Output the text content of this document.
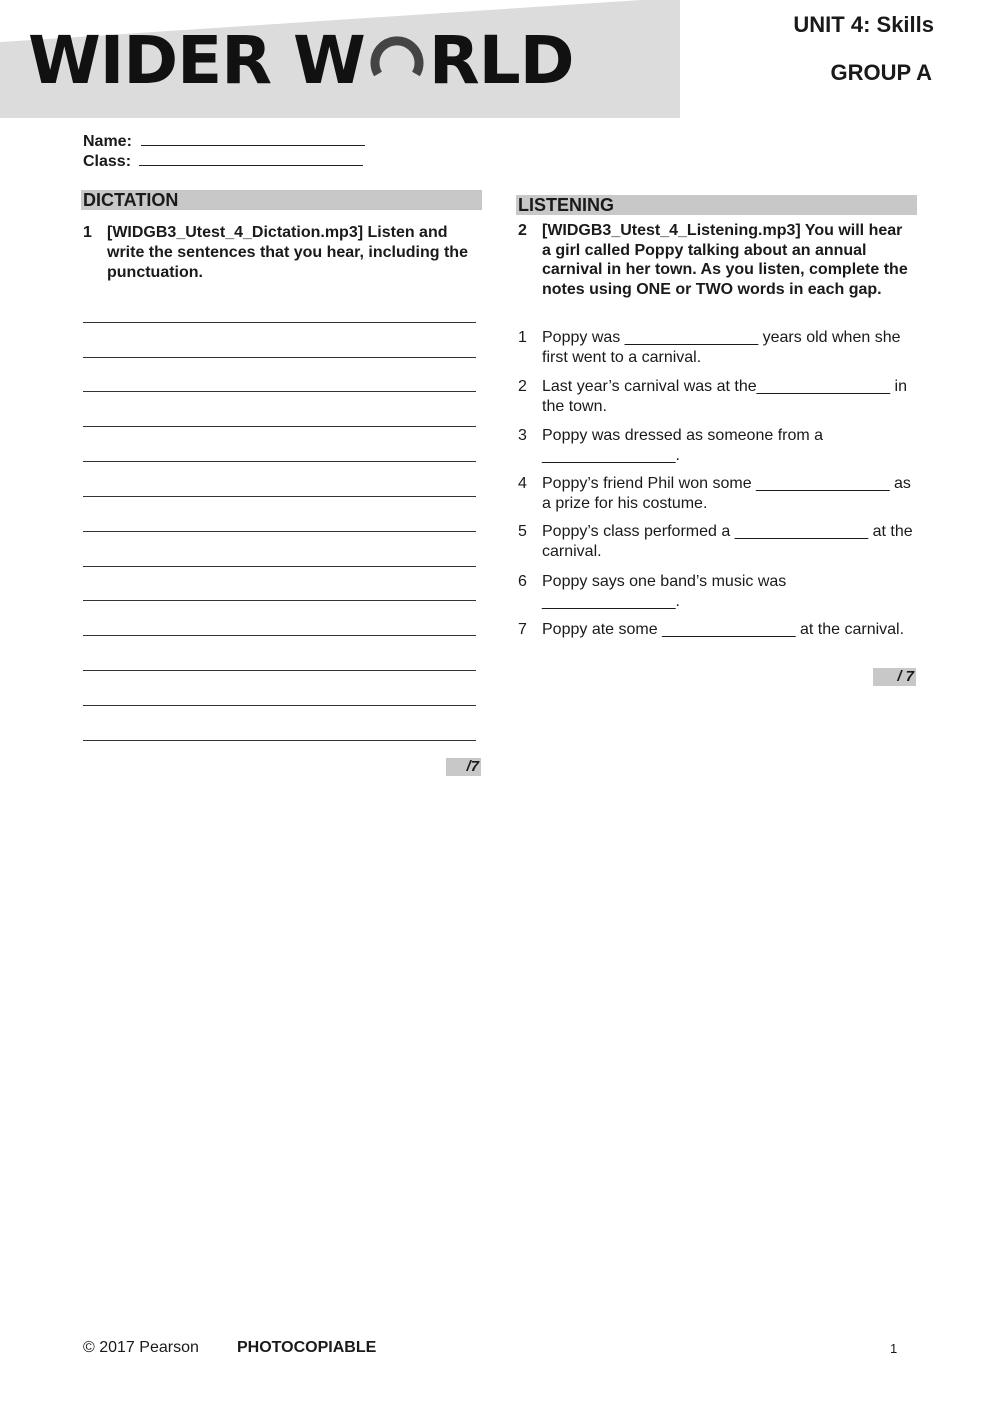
WIDER W RLD	UNIT 4: Skills
GROUP A
Name:
Class:
DICTATION
1 [WIDGB3_Utest_4_Dictation.mp3] Listen and write the sentences that you hear, including the punctuation.
/7
LISTENING
2 [WIDGB3_Utest_4_Listening.mp3] You will hear a girl called Poppy talking about an annual carnival in her town. As you listen, complete the notes using ONE or TWO words in each gap.
1 Poppy was _______________ years old when she first went to a carnival.
2 Last year’s carnival was at the_______________ in the town.
3 Poppy was dressed as someone from a _______________.
4 Poppy’s friend Phil won some _______________ as a prize for his costume.
5 Poppy’s class performed a _______________ at the carnival.
6 Poppy says one band’s music was _______________.
7 Poppy ate some _______________ at the carnival.
/ 7
© 2017 Pearson PHOTOCOPIABLE	1
